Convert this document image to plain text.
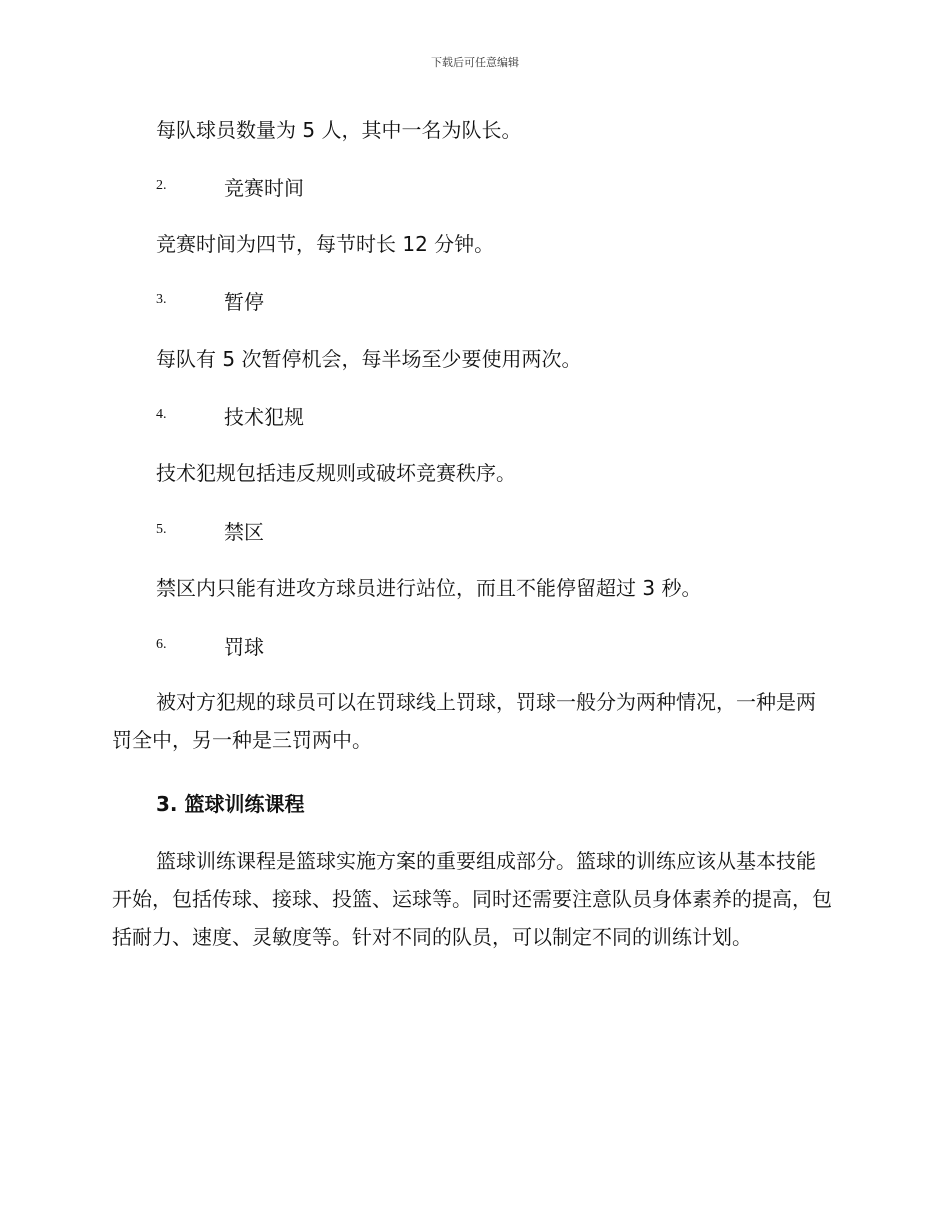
下载后可任意编辑

每队球员数量为 5 人，其中一名为队长。

2.	竞赛时间

竞赛时间为四节，每节时长 12 分钟。

3.	暂停

每队有 5 次暂停机会，每半场至少要使用两次。

4.	技术犯规

技术犯规包括违反规则或破坏竞赛秩序。

5.	禁区

禁区内只能有进攻方球员进行站位，而且不能停留超过 3 秒。

6.	罚球

被对方犯规的球员可以在罚球线上罚球，罚球一般分为两种情况，一种是两罚全中，另一种是三罚两中。

3. 篮球训练课程

篮球训练课程是篮球实施方案的重要组成部分。篮球的训练应该从基本技能开始，包括传球、接球、投篮、运球等。同时还需要注意队员身体素养的提高，包括耐力、速度、灵敏度等。针对不同的队员，可以制定不同的训练计划。
